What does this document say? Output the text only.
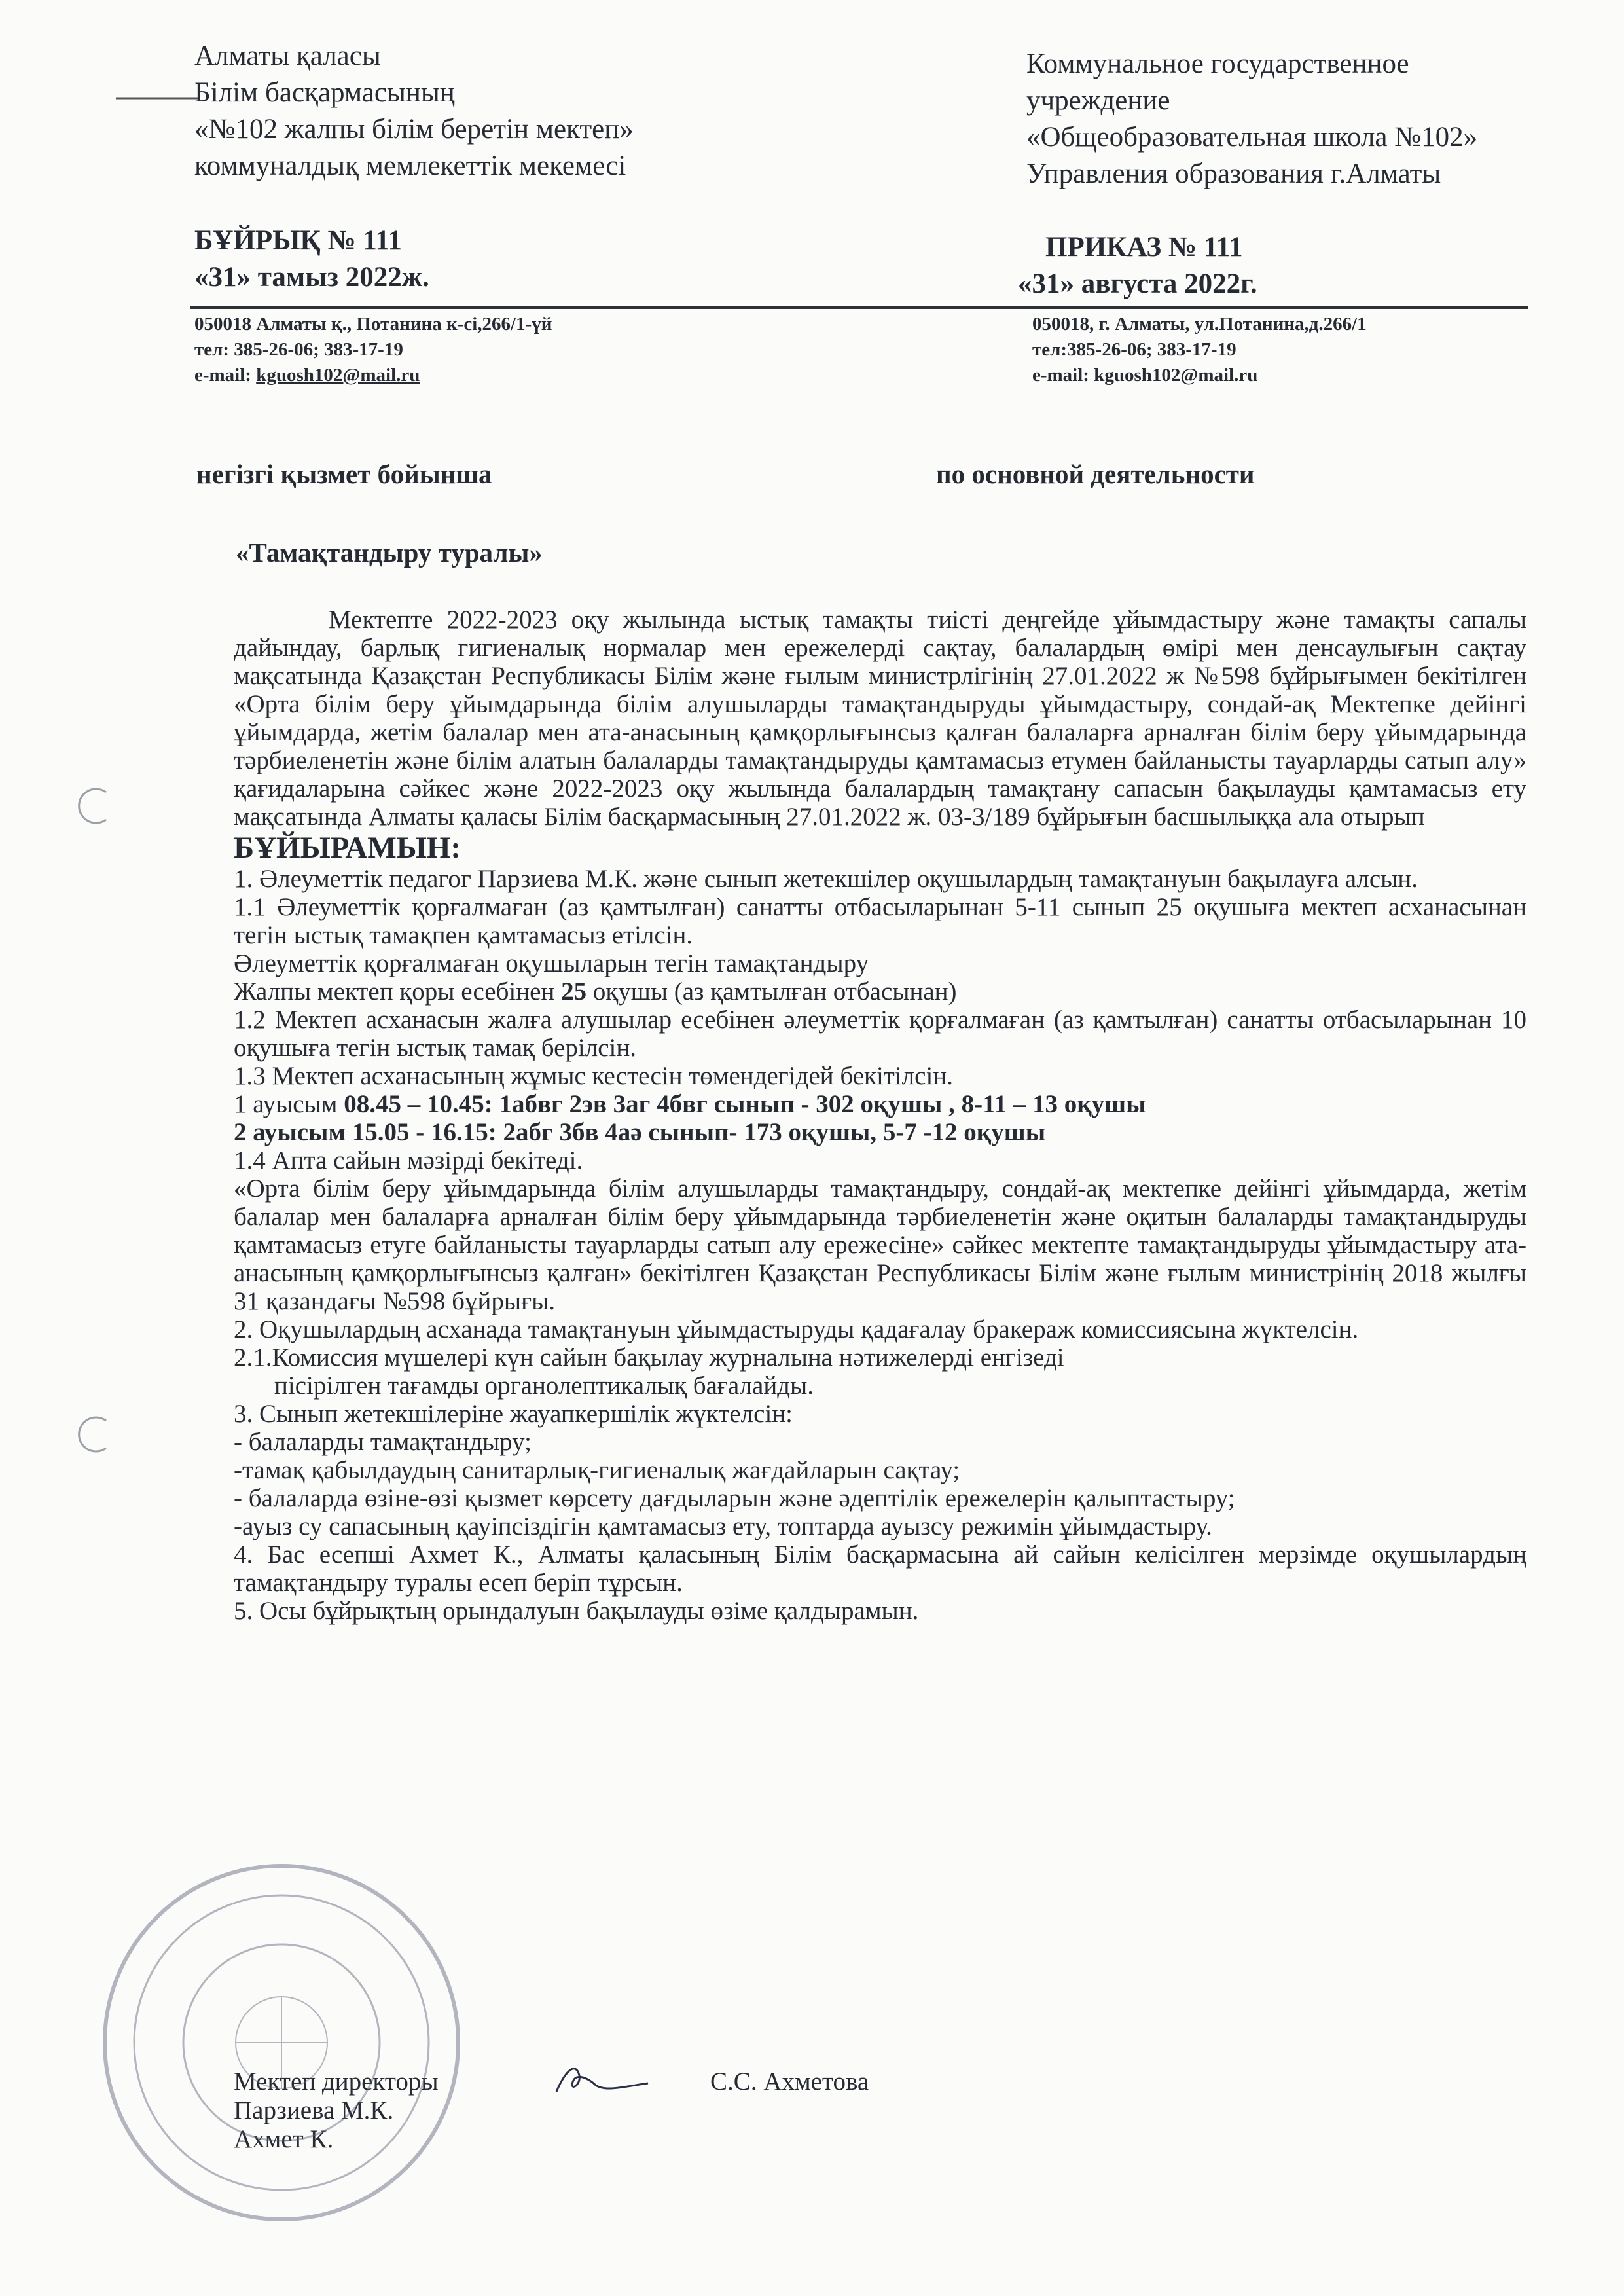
Алматы қаласы
Білім басқармасының
«№102 жалпы білім беретін мектеп»
коммуналдық мемлекеттік мекемесі
Коммунальное государственное
учреждение
«Общеобразовательная школа №102»
Управления образования г.Алматы
БҰЙРЫҚ № 111
«31» тамыз 2022ж.
ПРИКАЗ № 111
«31» августа 2022г.
050018 Алматы қ., Потанина к-сі,266/1-үй
тел: 385-26-06; 383-17-19
e-mail: kguosh102@mail.ru
050018, г. Алматы, ул.Потанина,д.266/1
тел:385-26-06; 383-17-19
e-mail: kguosh102@mail.ru
негізгі қызмет бойынша	по основной деятельности
«Тамақтандыру туралы»

Мектепте 2022-2023 оқу жылында ыстық тамақты тиісті деңгейде ұйымдастыру және тамақты сапалы дайындау, барлық гигиеналық нормалар мен ережелерді сақтау, балалардың өмірі мен денсаулығын сақтау мақсатында Қазақстан Республикасы Білім және ғылым министрлігінің 27.01.2022 ж №598 бұйрығымен бекітілген «Орта білім беру ұйымдарында білім алушыларды тамақтандыруды ұйымдастыру, сондай-ақ Мектепке дейінгі ұйымдарда, жетім балалар мен ата-анасының қамқорлығынсыз қалған балаларға арналған білім беру ұйымдарында тәрбиеленетін және білім алатын балаларды тамақтандыруды қамтамасыз етумен байланысты тауарларды сатып алу» қағидаларына сәйкес және 2022-2023 оқу жылында балалардың тамақтану сапасын бақылауды қамтамасыз ету мақсатында Алматы қаласы Білім басқармасының 27.01.2022 ж. 03-3/189 бұйрығын басшылыққа ала отырып

БҰЙЫРАМЫН:

1. Әлеуметтік педагог Парзиева М.К. және сынып жетекшілер оқушылардың тамақтануын бақылауға алсын.

1.1 Әлеуметтік қорғалмаған (аз қамтылған) санатты отбасыларынан 5-11 сынып 25 оқушыға мектеп асханасынан тегін ыстық тамақпен қамтамасыз етілсін.

Әлеуметтік қорғалмаған оқушыларын тегін тамақтандыру

Жалпы мектеп қоры есебінен 25 оқушы (аз қамтылған отбасынан)

1.2 Мектеп асханасын жалға алушылар есебінен әлеуметтік қорғалмаған (аз қамтылған) санатты отбасыларынан 10 оқушыға тегін ыстық тамақ берілсін.

1.3 Мектеп асханасының жұмыс кестесін төмендегідей бекітілсін.

1 ауысым 08.45 – 10.45: 1абвг 2эв 3аг 4бвг сынып - 302 оқушы , 8-11 – 13 оқушы

2 ауысым 15.05 - 16.15: 2абг 3бв 4аә сынып- 173 оқушы, 5-7 -12 оқушы

1.4 Апта сайын мәзірді бекітеді.

«Орта білім беру ұйымдарында білім алушыларды тамақтандыру, сондай-ақ мектепке дейінгі ұйымдарда, жетім балалар мен балаларға арналған білім беру ұйымдарында тәрбиеленетін және оқитын балаларды тамақтандыруды қамтамасыз етуге байланысты тауарларды сатып алу ережесіне» сәйкес мектепте тамақтандыруды ұйымдастыру ата-анасының қамқорлығынсыз қалған» бекітілген Қазақстан Республикасы Білім және ғылым министрінің 2018 жылғы 31 қазандағы №598 бұйрығы.

2. Оқушылардың асханада тамақтануын ұйымдастыруды қадағалау бракераж комиссиясына жүктелсін.

2.1.Комиссия мүшелері күн сайын бақылау журналына нәтижелерді енгізеді

пісірілген тағамды органолептикалық бағалайды.

3. Сынып жетекшілеріне жауапкершілік жүктелсін:

- балаларды тамақтандыру;

-тамақ қабылдаудың санитарлық-гигиеналық жағдайларын сақтау;

- балаларда өзіне-өзі қызмет көрсету дағдыларын және әдептілік ережелерін қалыптастыру;

-ауыз су сапасының қауіпсіздігін қамтамасыз ету, топтарда ауызсу режимін ұйымдастыру.

4. Бас есепші Ахмет К., Алматы қаласының Білім басқармасына ай сайын келісілген мерзімде оқушылардың тамақтандыру туралы есеп беріп тұрсын.

5. Осы бұйрықтың орындалуын бақылауды өзіме қалдырамын.

Мектеп директоры
Парзиева М.К.
Ахмет К.
С.С. Ахметова
